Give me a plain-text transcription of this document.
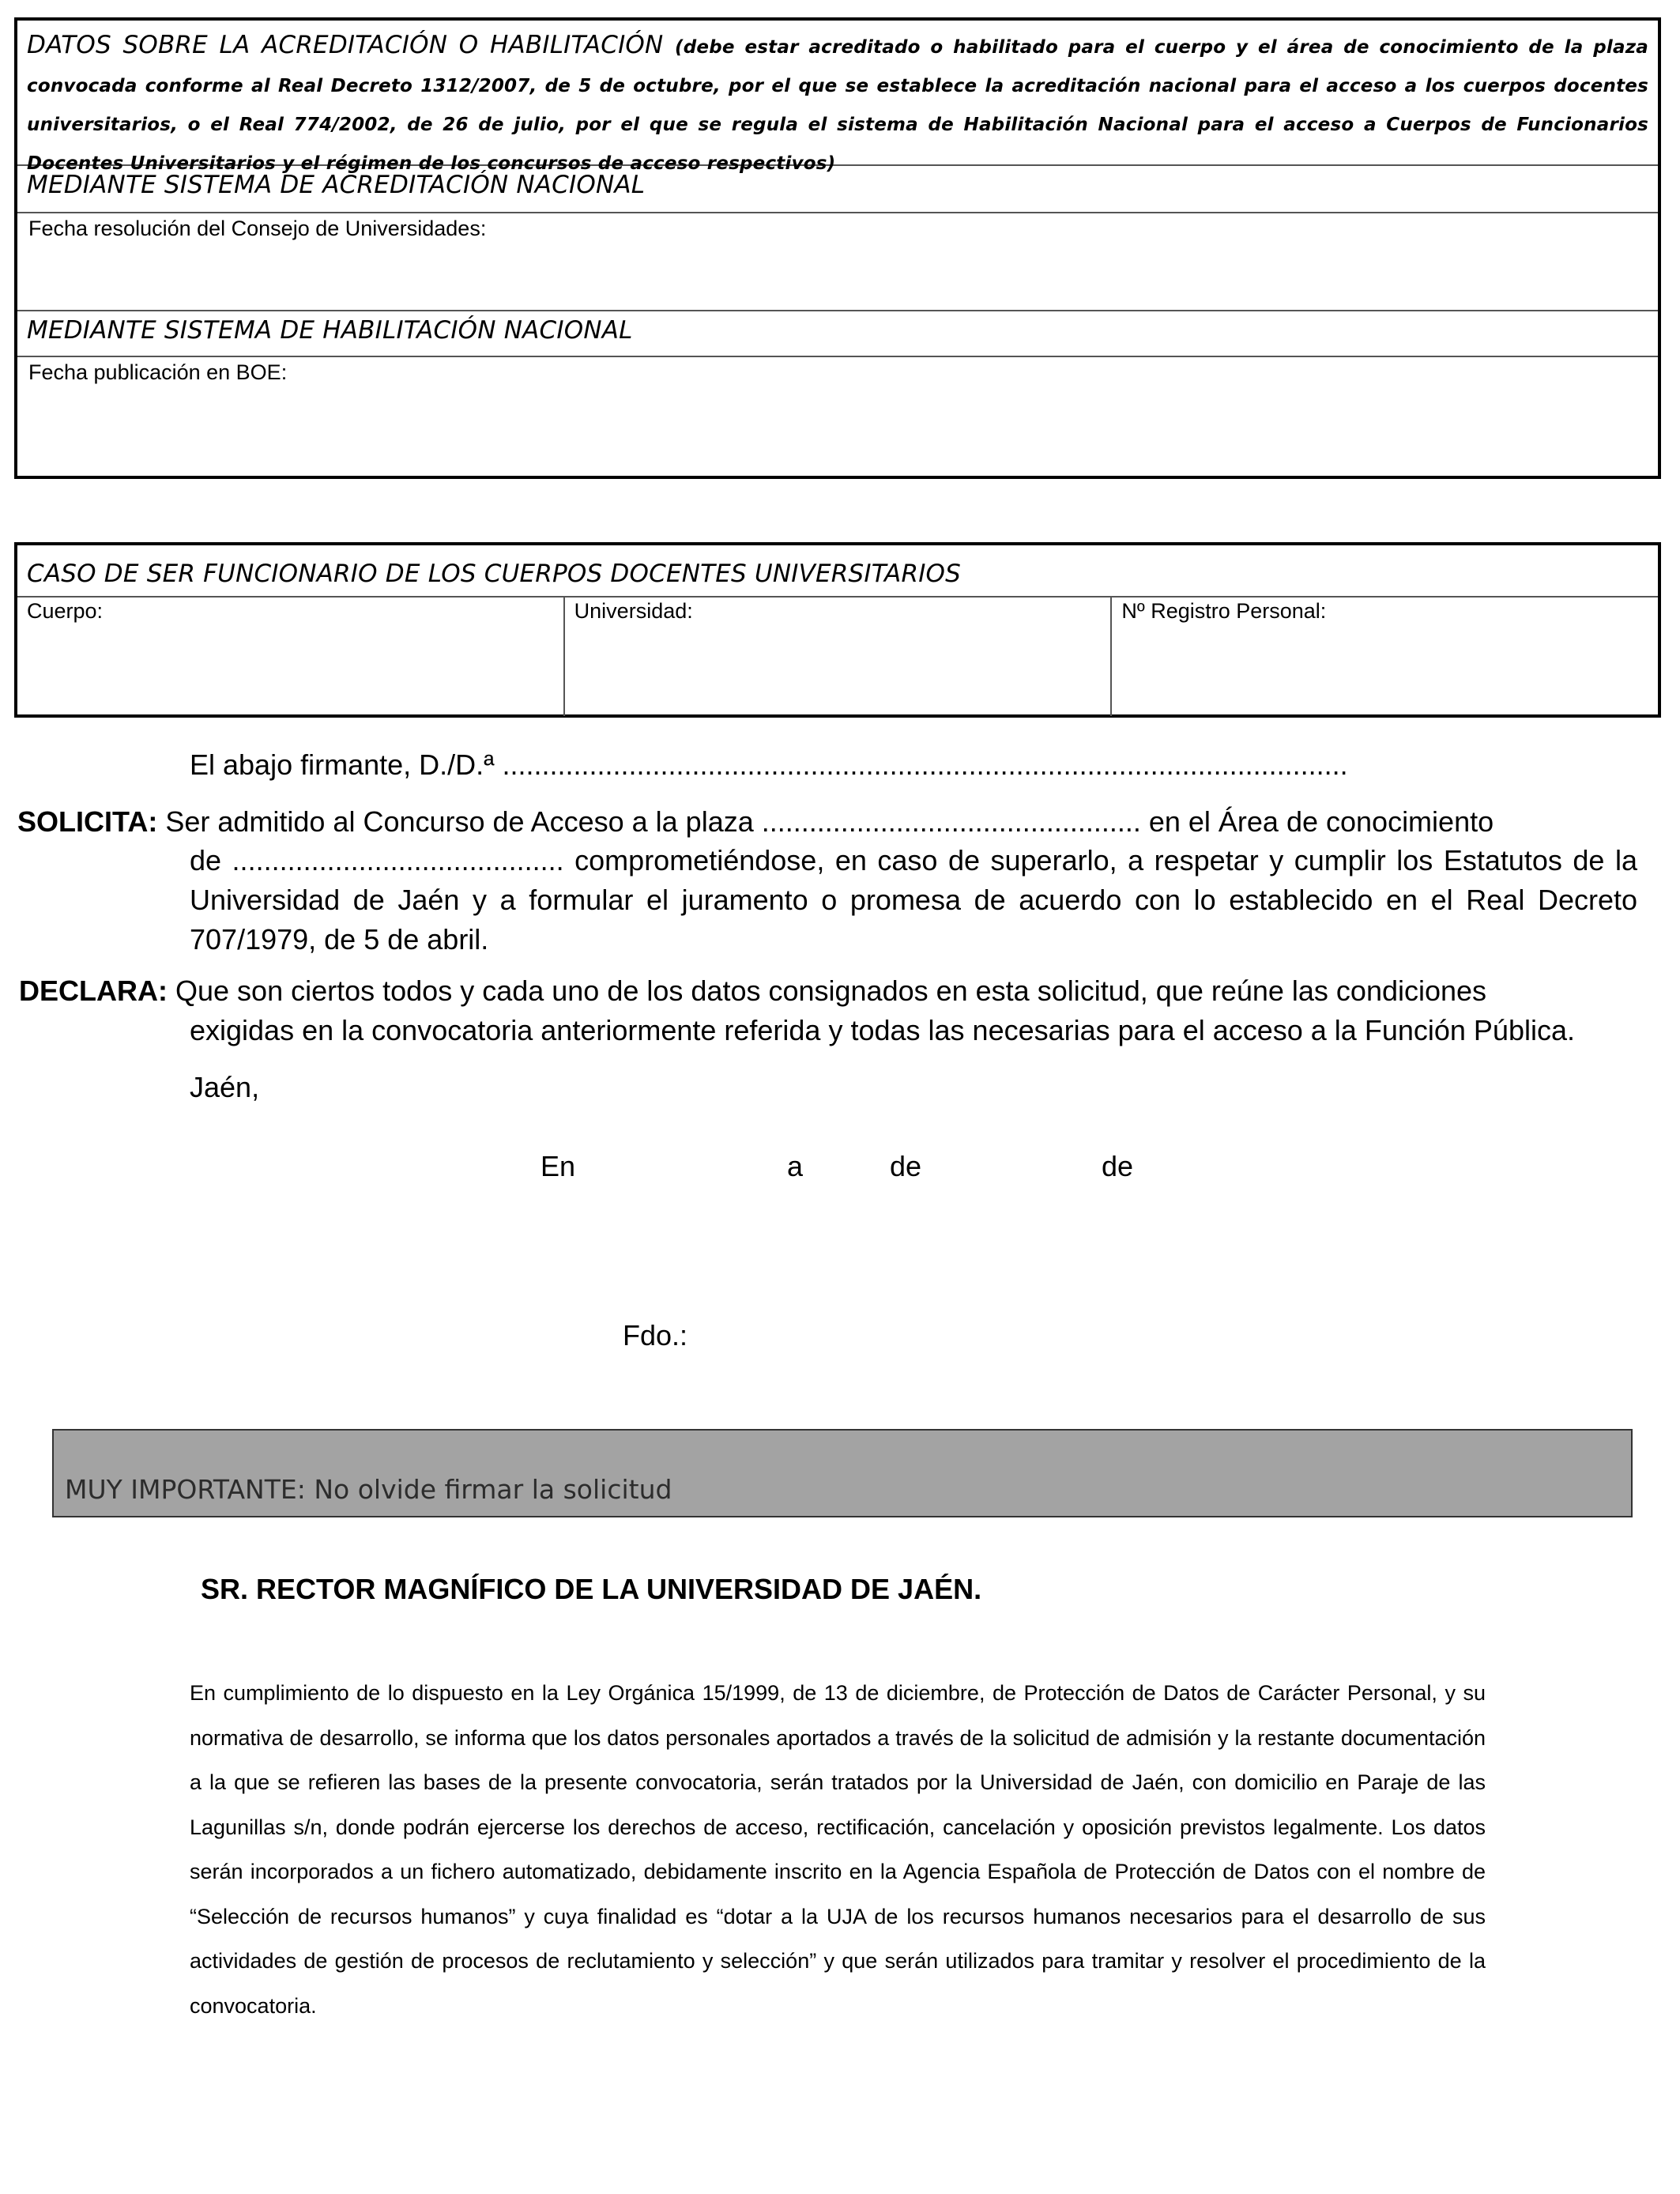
DATOS SOBRE LA ACREDITACIÓN O HABILITACIÓN (debe estar acreditado o habilitado para el cuerpo y el área de conocimiento de la plaza convocada conforme al Real Decreto 1312/2007, de 5 de octubre, por el que se establece la acreditación nacional para el acceso a los cuerpos docentes universitarios, o el Real 774/2002, de 26 de julio, por el que se regula el sistema de Habilitación Nacional para el acceso a Cuerpos de Funcionarios Docentes Universitarios y el régimen de los concursos de acceso respectivos)
MEDIANTE SISTEMA DE ACREDITACIÓN NACIONAL
Fecha resolución del Consejo de Universidades:
MEDIANTE SISTEMA DE HABILITACIÓN NACIONAL
Fecha publicación en BOE:
CASO DE SER FUNCIONARIO DE LOS CUERPOS DOCENTES UNIVERSITARIOS
Cuerpo:	Universidad:	Nº Registro Personal:
El abajo firmante, D./D.ª ...........................................................................................................
SOLICITA: Ser admitido al Concurso de Acceso a la plaza ................................................ en el Área de conocimiento
de .......................................... comprometiéndose, en caso de superarlo, a respetar y cumplir los Estatutos de la Universidad de Jaén y a formular el juramento o promesa de acuerdo con lo establecido en el Real Decreto 707/1979, de 5 de abril.
DECLARA: Que son ciertos todos y cada uno de los datos consignados en esta solicitud, que reúne las condiciones
exigidas en la convocatoria anteriormente referida y todas las necesarias para el acceso a la Función Pública.
Jaén,
En	a	de	de
Fdo.:
MUY IMPORTANTE: No olvide firmar la solicitud
SR. RECTOR MAGNÍFICO DE LA UNIVERSIDAD DE JAÉN.
En cumplimiento de lo dispuesto en la Ley Orgánica 15/1999, de 13 de diciembre, de Protección de Datos de Carácter Personal, y su normativa de desarrollo, se informa que los datos personales aportados a través de la solicitud de admisión y la restante documentación a la que se refieren las bases de la presente convocatoria, serán tratados por la Universidad de Jaén, con domicilio en Paraje de las Lagunillas s/n, donde podrán ejercerse los derechos de acceso, rectificación, cancelación y oposición previstos legalmente. Los datos serán incorporados a un fichero automatizado, debidamente inscrito en la Agencia Española de Protección de Datos con el nombre de “Selección de recursos humanos” y cuya finalidad es “dotar a la UJA de los recursos humanos necesarios para el desarrollo de sus actividades de gestión de procesos de reclutamiento y selección” y que serán utilizados para tramitar y resolver el procedimiento de la convocatoria.
